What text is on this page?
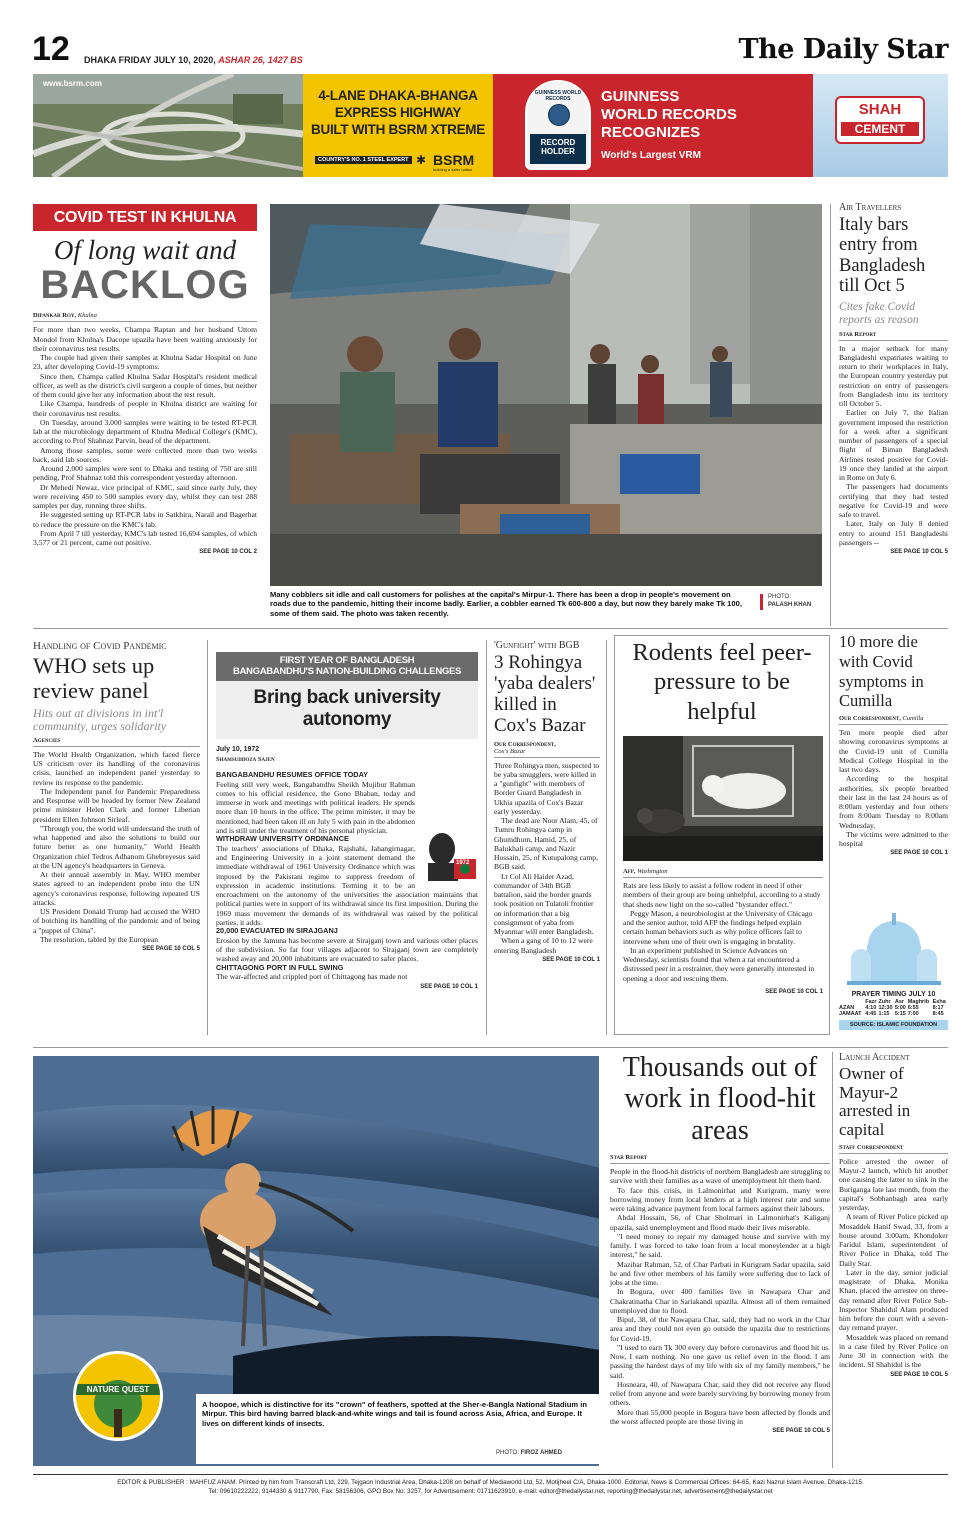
12 DHAKA FRIDAY JULY 10, 2020, ASHAR 26, 1427 BS	The Daily Star
www.bsrm.com
4-LANE DHAKA-BHANGA
EXPRESS HIGHWAY
BUILT WITH BSRM XTREME
COUNTRY'S NO. 1 STEEL EXPERT BSRM
building a safer nation
✱
GUINNESS WORLD RECORDS
RECORD HOLDER
GUINNESS
WORLD RECORDS
RECOGNIZES
World's Largest VRM
SHAH
CEMENT
COVID TEST IN KHULNA
Of long wait and
BACKLOG
Dipankar Roy, Khulna

For more than two weeks, Champa Raptan and her husband Uttom Mondol from Khulna's Dacope upazila have been waiting anxiously for their coronavirus test results.

The couple had given their samples at Khulna Sadar Hospital on June 23, after developing Covid-19 symptoms.

Since then, Champa called Khulna Sadar Hospital's resident medical officer, as well as the district's civil surgeon a couple of times, but neither of them could give her any information about the test result.

Like Champa, hundreds of people in Khulna district are waiting for their coronavirus test results.

On Tuesday, around 3,000 samples were waiting to be tested RT-PCR lab at the microbiology department of Khulna Medical College's (KMC), according to Prof Shahnaz Parvin, head of the department.

Among those samples, some were collected more than two weeks back, said lab sources.

Around 2,000 samples were sent to Dhaka and testing of 750 are still pending, Prof Shahnaz told this correspondent yesterday afternoon.

Dr Mehedi Newaz, vice principal of KMC, said since early July, they were receiving 450 to 500 samples every day, whilst they can test 288 samples per day, running three shifts.

He suggested setting up RT-PCR labs in Satkhira, Narail and Bagerhat to reduce the pressure on the KMC's lab.

From April 7 till yesterday, KMC's lab tested 16,694 samples, of which 3,577 or 21 percent, came out positive.

SEE PAGE 10 COL 2
Many cobblers sit idle and call customers for polishes at the capital's Mirpur-1. There has been a drop in people's movement on roads due to the pandemic, hitting their income badly. Earlier, a cobbler earned Tk 600-800 a day, but now they barely make Tk 100, some of them said. The photo was taken recently.
PHOTO:
PALASH KHAN
Air Travellers
Italy bars entry from Bangladesh till Oct 5
Cites fake Covid reports as reason
Star Report

In a major setback for many Bangladeshi expatriates waiting to return to their workplaces in Italy, the European country yesterday put restriction on entry of passengers from Bangladesh into its territory till October 5.

Earlier on July 7, the Italian government imposed the restriction for a week after a significant number of passengers of a special flight of Biman Bangladesh Airlines tested positive for Covid-19 once they landed at the airport in Rome on July 6.

The passengers had documents certifying that they had tested negative for Covid-19 and were safe to travel.

Later, Italy on July 8 denied entry to around 151 Bangladeshi passengers --

SEE PAGE 10 COL 5
Handling of Covid Pandemic
WHO sets up review panel
Hits out at divisions in int'l community, urges solidarity
Agencies

The World Health Organization, which faced fierce US criticism over its handling of the coronavirus crisis, launched an independent panel yesterday to review its response to the pandemic.

The Independent panel for Pandemic Preparedness and Response will be headed by former New Zealand prime minister Helen Clark and former Liberian president Ellen Johnson Sirleaf.

"Through you, the world will understand the truth of what happened and also the solutions to build our future better as one humanity," World Health Organization chief Tedros Adhanom Ghebreyesus said at the UN agency's headquarters in Geneva.

At their annual assembly in May, WHO member states agreed to an independent probe into the UN agency's coronavirus response, following repeated US attacks.

US President Donald Trump had accused the WHO of botching its handling of the pandemic and of being a "puppet of China".

The resolution, tabled by the European

SEE PAGE 10 COL 5
FIRST YEAR OF BANGLADESH
BANGABANDHU'S NATION-BUILDING CHALLENGES
Bring back university autonomy
July 10, 1972
Shamsuddoza Sajen
1972
BANGABANDHU RESUMES OFFICE TODAY

Feeling still very week, Bangabandhu Sheikh Mujibur Rahman comes to his official residence, the Gono Bhaban, today and immerse in work and meetings with political leaders. He spends more than 10 hours in the office. The prime minister, it may be mentioned, had been taken ill on July 5 with pain in the abdomen and is still under the treatment of his personal physician.

WITHDRAW UNIVERSITY ORDINANCE

The teachers' associations of Dhaka, Rajshahi, Jahangirnagar, and Engineering University in a joint statement demand the immediate withdrawal of 1961 University Ordinance which was imposed by the Pakistani regime to suppress freedom of expression in academic institutions. Terming it to be an encroachment on the autonomy of the universities the association maintains that political parties were in support of its withdrawal since its first imposition. During the 1969 mass movement the demands of its withdrawal was raised by the political parties, it adds.

20,000 EVACUATED IN SIRAJGANJ

Erosion by the Jamuna has become severe at Sirajganj town and various other places of the subdivision. So far four villages adjacent to Sirajganj town are completely washed away and 20,000 inhabitants are evacuated to safer places.

CHITTAGONG PORT IN FULL SWING

The war-affected and crippled port of Chittagong has made not

SEE PAGE 10 COL 1
'Gunfight' with BGB
3 Rohingya 'yaba dealers' killed in Cox's Bazar
Our Correspondent,
Cox's Bazar

Three Rohingya men, suspected to be yaba smugglers, were killed in a "gunfight" with members of Border Guard Bangladesh in Ukhia upazila of Cox's Bazar early yesterday.

The dead are Noor Alam, 45, of Tumru Rohingya camp in Ghumdhum, Hamid, 25, of Balukhali camp, and Nazir Hossain, 25, of Kutupalong camp, BGB said.

Lt Col Ali Haider Azad, commander of 34th BGB battalion, said the border guards took position on Tulatoli frontier on information that a big consignment of yaba from Myanmar will enter Bangladesh.

When a gang of 10 to 12 were entering Bangladesh

SEE PAGE 10 COL 1
Rodents feel peer-pressure to be helpful
Afp, Washington

Rats are less likely to assist a fellow rodent in need if other members of their group are being unhelpful, according to a study that sheds new light on the so-called "bystander effect."

Peggy Mason, a neurobiologist at the University of Chicago and the senior author, told AFP the findings helped explain certain human behaviors such as why police officers fail to intervene when one of their own is engaging in brutality.

In an experiment published in Science Advances on Wednesday, scientists found that when a rat encountered a distressed peer in a restrainer, they were generally interested in opening a door and rescuing them.

SEE PAGE 10 COL 1
10 more die with Covid symptoms in Cumilla
Our Correspondent, Cumilla

Ten more people died after showing coronavirus symptoms at the Covid-19 unit of Cumilla Medical College Hospital in the last two days.

According to the hospital authorities, six people breathed their last in the last 24 hours as of 8:00am yesterday and four others from 8:00am Tuesday to 8:00am Wednesday.

The victims were admitted to the hospital

SEE PAGE 10 COL 1
PRAYER TIMING JULY 10
	Fazr	Zuhr	Asr	Maghrib	Esha
AZAN	4:10	12:30	5:00	6:55	8:17
JAMAAT	4:45	1:15	5:15	7:00	8:45
SOURCE: ISLAMIC FOUNDATION
NATURE QUEST
A hoopoe, which is distinctive for its "crown" of feathers, spotted at the Sher-e-Bangla National Stadium in Mirpur. This bird having barred black-and-white wings and tail is found across Asia, Africa, and Europe. It lives on different kinds of insects.
PHOTO: FIROZ AHMED
Thousands out of work in flood-hit areas
Star Report

People in the flood-hit districts of northern Bangladesh are struggling to survive with their families as a wave of unemployment hit them hard.

To face this crisis, in Lalmonirhat and Kurigram, many were borrowing money from local lenders at a high interest rate and some were taking advance payment from local farmers against their labours.

Abdal Hossain, 56, of Char Sholmari in Lalmonirhat's Kaliganj upazila, said unemployment and flood made their lives miserable.

"I need money to repair my damaged house and survive with my family. I was forced to take loan from a local moneylender at a high interest," he said.

Mazibar Rahman, 52, of Char Parbati in Kurigram Sadar upazila, said he and five other members of his family were suffering due to lack of jobs at the time.

In Bogura, over 400 families live in Nawapara Char and Chakratinatha Char in Sariakandi upazila. Almost all of them remained unemployed due to flood.

Bipul, 38, of the Nawapara Char, said, they had no work in the Char area and they could not even go outside the upazila due to restrictions for Covid-19.

"I used to earn Tk 300 every day before coronavirus and flood hit us. Now, I earn nothing. No one gave us relief even in the flood. I am passing the hardest days of my life with six of my family members," he said.

Hosneara, 40, of Nawapara Char, said they did not receive any flood relief from anyone and were barely surviving by borrowing money from others.

More than 55,000 people in Bogura have been affected by floods and the worst affected people are those living in

SEE PAGE 10 COL 5
Launch Accident
Owner of Mayur-2 arrested in capital
Staff Correspondent

Police arrested the owner of Mayur-2 launch, which hit another one causing the latter to sink in the Buriganga late last month, from the capital's Sobhanbagh area early yesterday.

A team of River Police picked up Mosaddek Hanif Swad, 33, from a house around 3:00am, Khondoker Faridul Islam, superintendent of River Police in Dhaka, told The Daily Star.

Later in the day, senior judicial magistrate of Dhaka, Monika Khan, placed the arrestee on three-day remand after River Police Sub-Inspector Shahidul Alam produced him before the court with a seven-day remand prayer.

Mosaddek was placed on remand in a case filed by River Police on June 30 in connection with the incident. SI Shahidul is the

SEE PAGE 10 COL 5
EDITOR & PUBLISHER : MAHFUZ ANAM. Printed by him from Transcraft Ltd, 229, Tejgaon Industrial Area, Dhaka-1208 on behalf of Mediaworld Ltd, 52, Motijheel C/A, Dhaka-1000. Editorial, News & Commercial Offices: 64-65, Kazi Nazrul Islam Avenue, Dhaka-1215.
Tel: 09610222222, 9144330 & 9117790, Fax: 58156306, GPO Box No: 3257, for Advertisement: 01711623910, e-mail: editor@thedailystar.net, reporting@thedailystar.net, advertisement@thedailystar.net
